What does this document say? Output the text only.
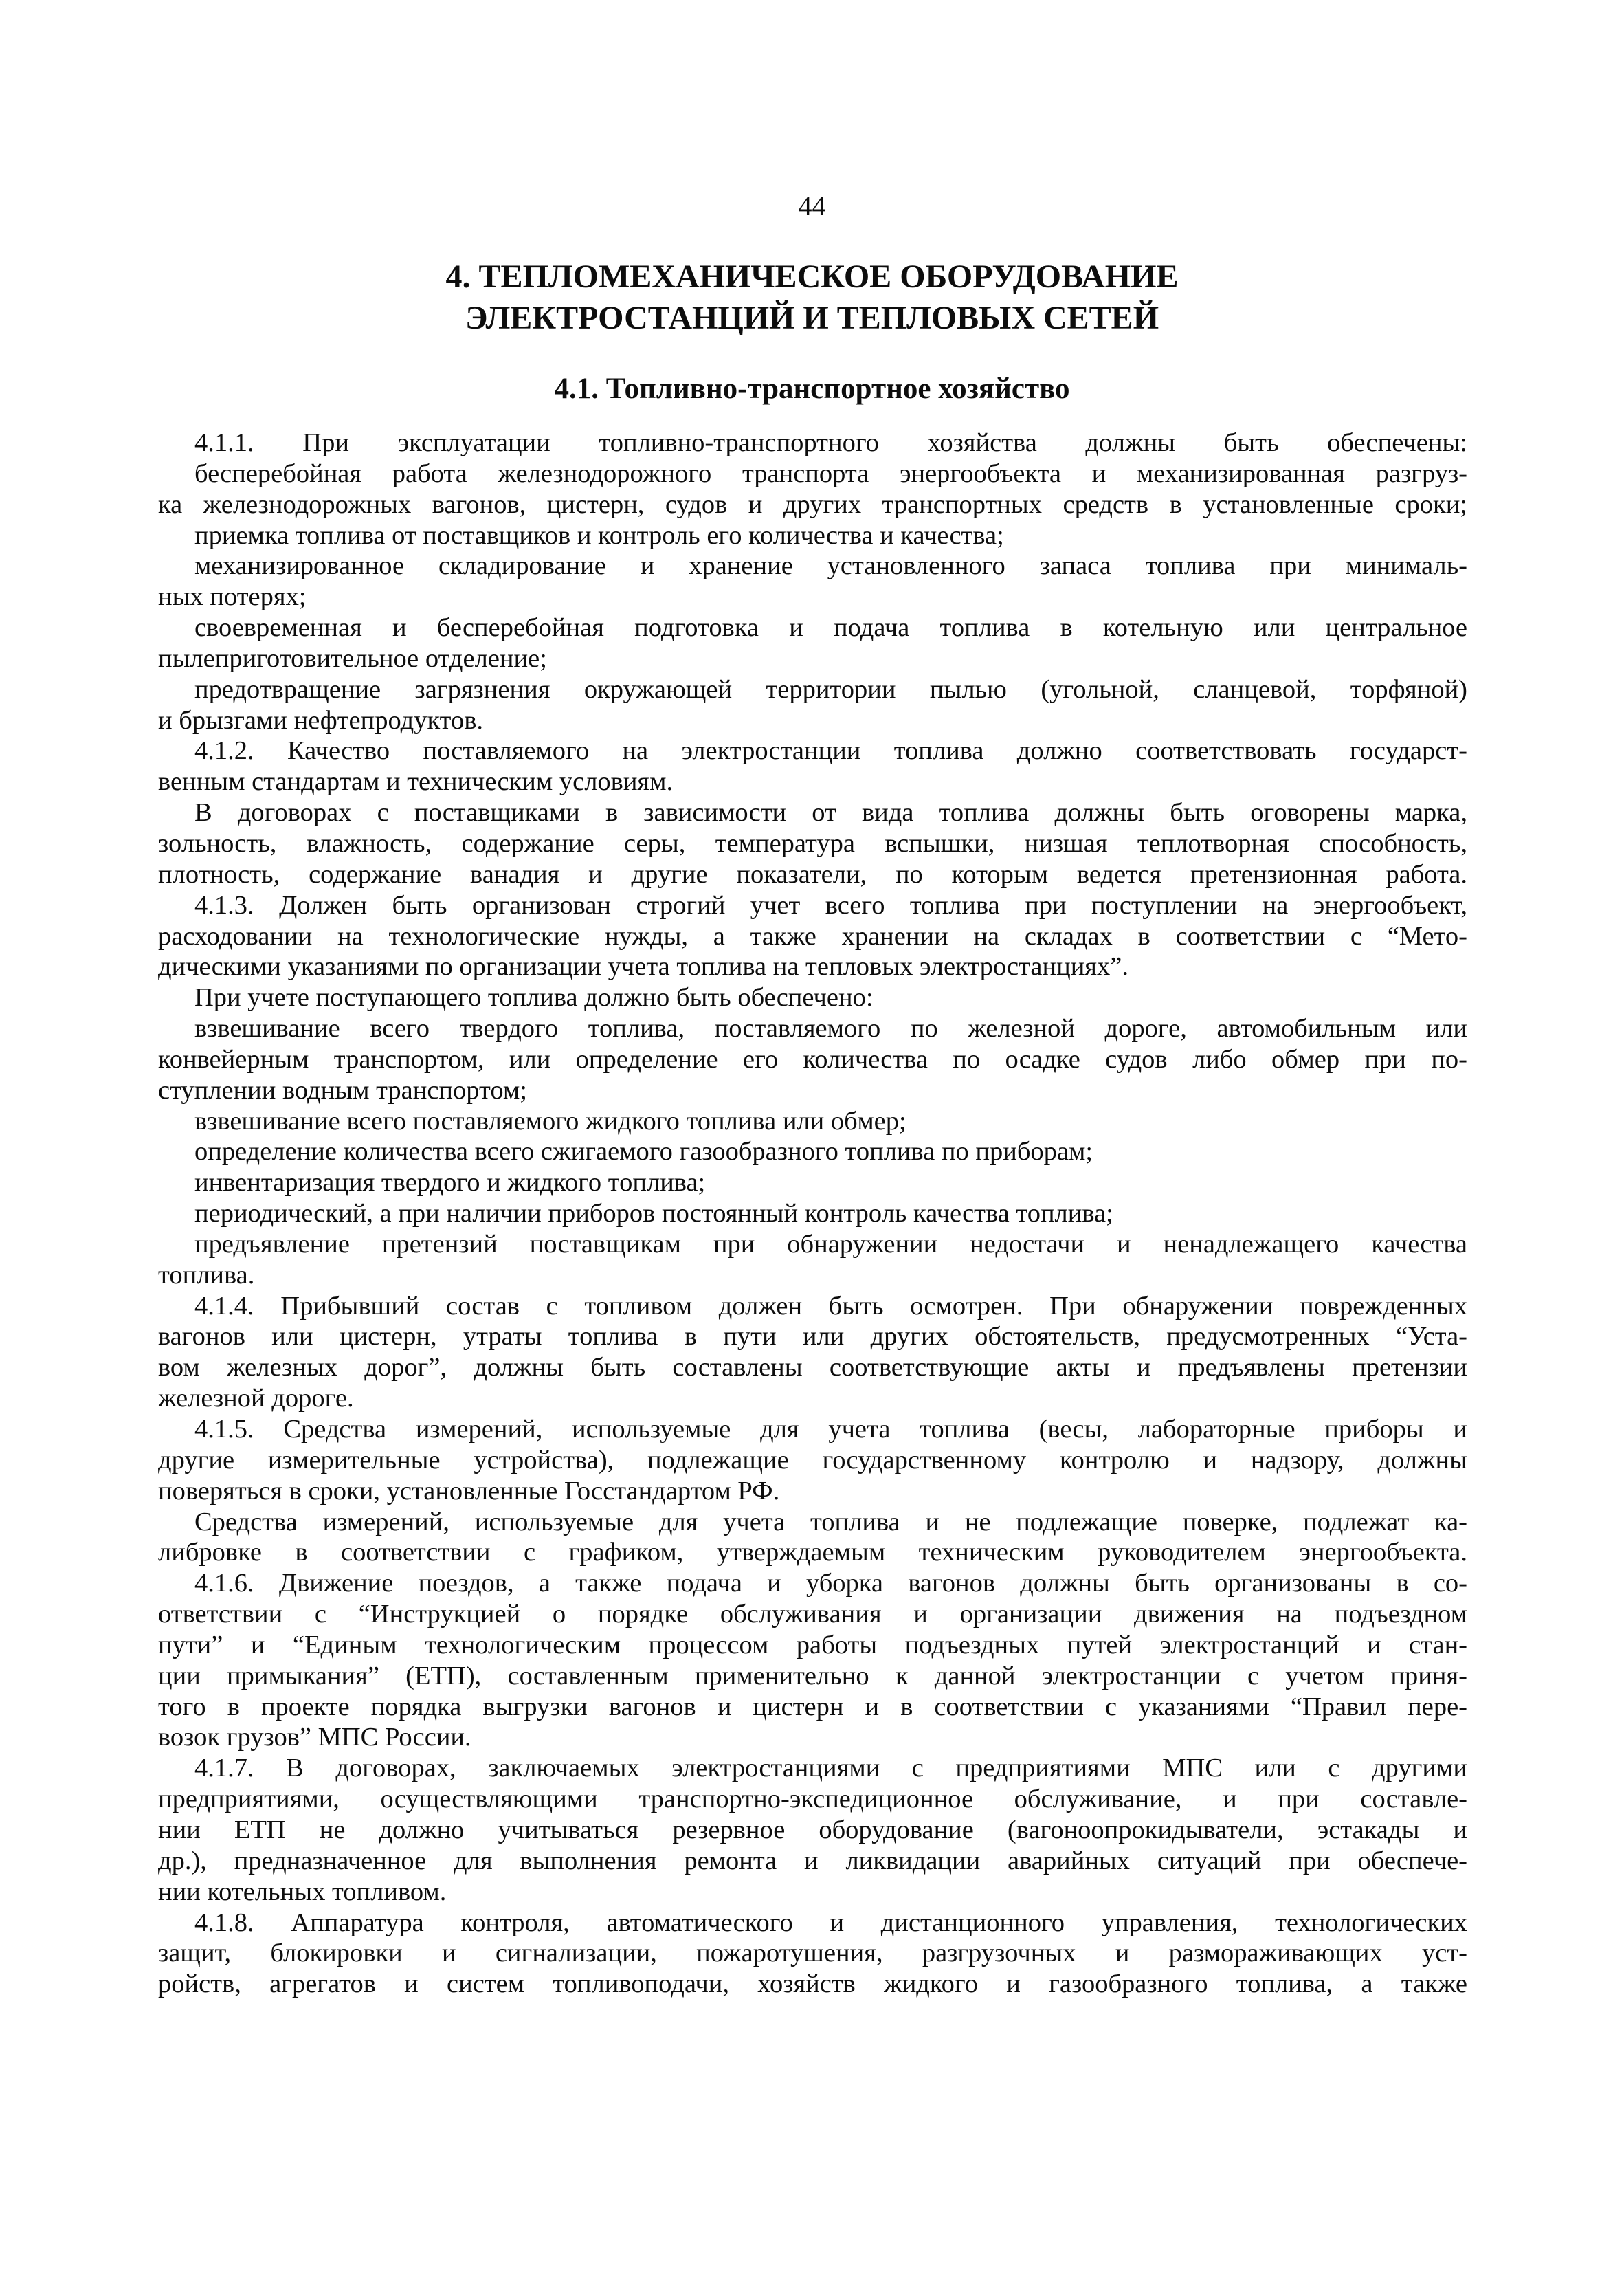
44
4. ТЕПЛОМЕХАНИЧЕСКОЕ ОБОРУДОВАНИЕ
ЭЛЕКТРОСТАНЦИЙ И ТЕПЛОВЫХ СЕТЕЙ
4.1. Топливно-транспортное хозяйство
4.1.1. При эксплуатации топливно-транспортного хозяйства должны быть обеспечены:
бесперебойная работа железнодорожного транспорта энергообъекта и механизированная разгруз-
ка железнодорожных вагонов, цистерн, судов и других транспортных средств в установленные сроки;
приемка топлива от поставщиков и контроль его количества и качества;
механизированное складирование и хранение установленного запаса топлива при минималь-
ных потерях;
своевременная и бесперебойная подготовка и подача топлива в котельную или центральное
пылеприготовительное отделение;
предотвращение загрязнения окружающей территории пылью (угольной, сланцевой, торфяной)
и брызгами нефтепродуктов.
4.1.2. Качество поставляемого на электростанции топлива должно соответствовать государст-
венным стандартам и техническим условиям.
В договорах с поставщиками в зависимости от вида топлива должны быть оговорены марка,
зольность, влажность, содержание серы, температура вспышки, низшая теплотворная способность,
плотность, содержание ванадия и другие показатели, по которым ведется претензионная работа.
4.1.3. Должен быть организован строгий учет всего топлива при поступлении на энергообъект,
расходовании на технологические нужды, а также хранении на складах в соответствии с “Мето-
дическими указаниями по организации учета топлива на тепловых электростанциях”.
При учете поступающего топлива должно быть обеспечено:
взвешивание всего твердого топлива, поставляемого по железной дороге, автомобильным или
конвейерным транспортом, или определение его количества по осадке судов либо обмер при по-
ступлении водным транспортом;
взвешивание всего поставляемого жидкого топлива или обмер;
определение количества всего сжигаемого газообразного топлива по приборам;
инвентаризация твердого и жидкого топлива;
периодический, а при наличии приборов постоянный контроль качества топлива;
предъявление претензий поставщикам при обнаружении недостачи и ненадлежащего качества
топлива.
4.1.4. Прибывший состав с топливом должен быть осмотрен. При обнаружении поврежденных
вагонов или цистерн, утраты топлива в пути или других обстоятельств, предусмотренных “Уста-
вом железных дорог”, должны быть составлены соответствующие акты и предъявлены претензии
железной дороге.
4.1.5. Средства измерений, используемые для учета топлива (весы, лабораторные приборы и
другие измерительные устройства), подлежащие государственному контролю и надзору, должны
поверяться в сроки, установленные Госстандартом РФ.
Средства измерений, используемые для учета топлива и не подлежащие поверке, подлежат ка-
либровке в соответствии с графиком, утверждаемым техническим руководителем энергообъекта.
4.1.6. Движение поездов, а также подача и уборка вагонов должны быть организованы в со-
ответствии с “Инструкцией о порядке обслуживания и организации движения на подъездном
пути” и “Единым технологическим процессом работы подъездных путей электростанций и стан-
ции примыкания” (ЕТП), составленным применительно к данной электростанции с учетом приня-
того в проекте порядка выгрузки вагонов и цистерн и в соответствии с указаниями “Правил пере-
возок грузов” МПС России.
4.1.7. В договорах, заключаемых электростанциями с предприятиями МПС или с другими
предприятиями, осуществляющими транспортно-экспедиционное обслуживание, и при составле-
нии ЕТП не должно учитываться резервное оборудование (вагоноопрокидыватели, эстакады и
др.), предназначенное для выполнения ремонта и ликвидации аварийных ситуаций при обеспече-
нии котельных топливом.
4.1.8. Аппаратура контроля, автоматического и дистанционного управления, технологических
защит, блокировки и сигнализации, пожаротушения, разгрузочных и размораживающих уст-
ройств, агрегатов и систем топливоподачи, хозяйств жидкого и газообразного топлива, а также
